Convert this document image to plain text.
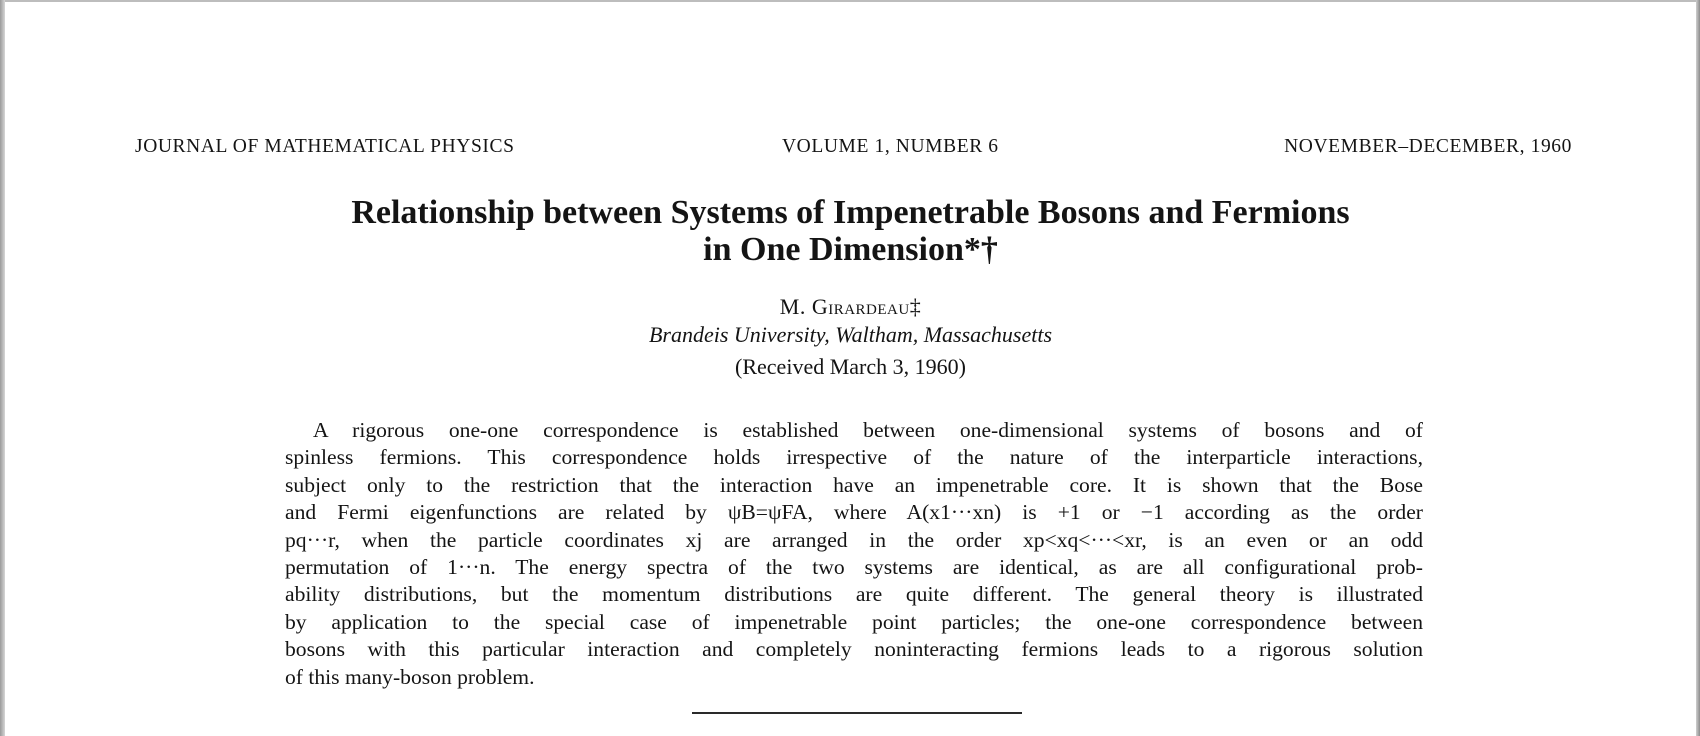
JOURNAL OF MATHEMATICAL PHYSICS	VOLUME 1, NUMBER 6	NOVEMBER–DECEMBER, 1960
Relationship between Systems of Impenetrable Bosons and Fermions
in One Dimension*†
M. Girardeau‡
Brandeis University, Waltham, Massachusetts
(Received March 3, 1960)
A rigorous one-one correspondence is established between one-dimensional systems of bosons and of
spinless fermions. This correspondence holds irrespective of the nature of the interparticle interactions,
subject only to the restriction that the interaction have an impenetrable core. It is shown that the Bose
and Fermi eigenfunctions are related by ψB=ψFA, where A(x1···xn) is +1 or −1 according as the order
pq···r, when the particle coordinates xj are arranged in the order xp<xq<···<xr, is an even or an odd
permutation of 1···n. The energy spectra of the two systems are identical, as are all configurational prob-
ability distributions, but the momentum distributions are quite different. The general theory is illustrated
by application to the special case of impenetrable point particles; the one-one correspondence between
bosons with this particular interaction and completely noninteracting fermions leads to a rigorous solution
of this many-boson problem.
